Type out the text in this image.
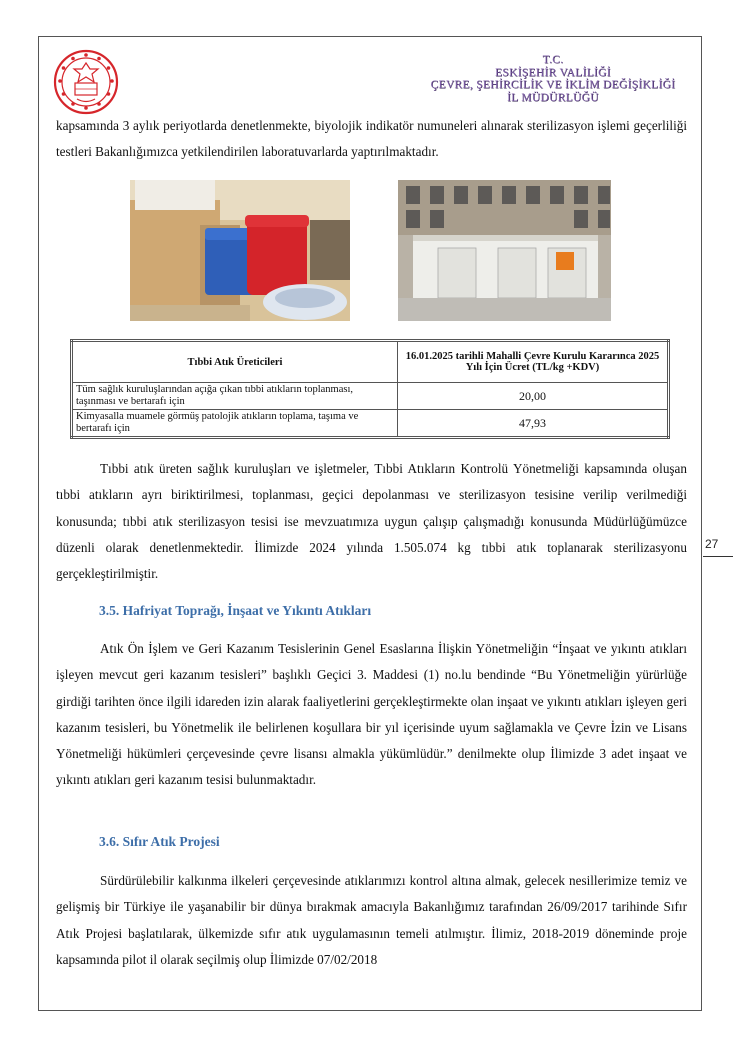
T.C.
ESKİŞEHİR VALİLİĞİ
ÇEVRE, ŞEHİRCİLİK VE İKLİM DEĞİŞİKLİĞİ
İL MÜDÜRLÜĞÜ

kapsamında 3 aylık periyotlarda denetlenmekte, biyolojik indikatör numuneleri alınarak sterilizasyon işlemi geçerliliği testleri Bakanlığımızca yetkilendirilen laboratuvarlarda yaptırılmaktadır.

Tıbbi Atık Üreticileri	16.01.2025 tarihli Mahalli Çevre Kurulu Kararınca 2025 Yılı İçin Ücret (TL/kg +KDV)
Tüm sağlık kuruluşlarından açığa çıkan tıbbi atıkların toplanması, taşınması ve bertarafı için	20,00
Kimyasalla muamele görmüş patolojik atıkların toplama, taşıma ve bertarafı için	47,93

Tıbbi atık üreten sağlık kuruluşları ve işletmeler, Tıbbi Atıkların Kontrolü Yönetmeliği kapsamında oluşan tıbbi atıkların ayrı biriktirilmesi, toplanması, geçici depolanması ve sterilizasyon tesisine verilip verilmediği konusunda; tıbbi atık sterilizasyon tesisi ise mevzuatımıza uygun çalışıp çalışmadığı konusunda Müdürlüğümüzce düzenli olarak denetlenmektedir. İlimizde 2024 yılında 1.505.074 kg tıbbi atık toplanarak sterilizasyonu gerçekleştirilmiştir.

3.5. Hafriyat Toprağı, İnşaat ve Yıkıntı Atıkları

Atık Ön İşlem ve Geri Kazanım Tesislerinin Genel Esaslarına İlişkin Yönetmeliğin “İnşaat ve yıkıntı atıkları işleyen mevcut geri kazanım tesisleri” başlıklı Geçici 3. Maddesi (1) no.lu bendinde “Bu Yönetmeliğin yürürlüğe girdiği tarihten önce ilgili idareden izin alarak faaliyetlerini gerçekleştirmekte olan inşaat ve yıkıntı atıkları işleyen geri kazanım tesisleri, bu Yönetmelik ile belirlenen koşullara bir yıl içerisinde uyum sağlamakla ve Çevre İzin ve Lisans Yönetmeliği hükümleri çerçevesinde çevre lisansı almakla yükümlüdür.” denilmekte olup İlimizde 3 adet inşaat ve yıkıntı atıkları geri kazanım tesisi bulunmaktadır.

3.6. Sıfır Atık Projesi

Sürdürülebilir kalkınma ilkeleri çerçevesinde atıklarımızı kontrol altına almak, gelecek nesillerimize temiz ve gelişmiş bir Türkiye ile yaşanabilir bir dünya bırakmak amacıyla Bakanlığımız tarafından 26/09/2017 tarihinde Sıfır Atık Projesi başlatılarak, ülkemizde sıfır atık uygulamasının temeli atılmıştır. İlimiz, 2018-2019 döneminde proje kapsamında pilot il olarak seçilmiş olup İlimizde 07/02/2018

27
